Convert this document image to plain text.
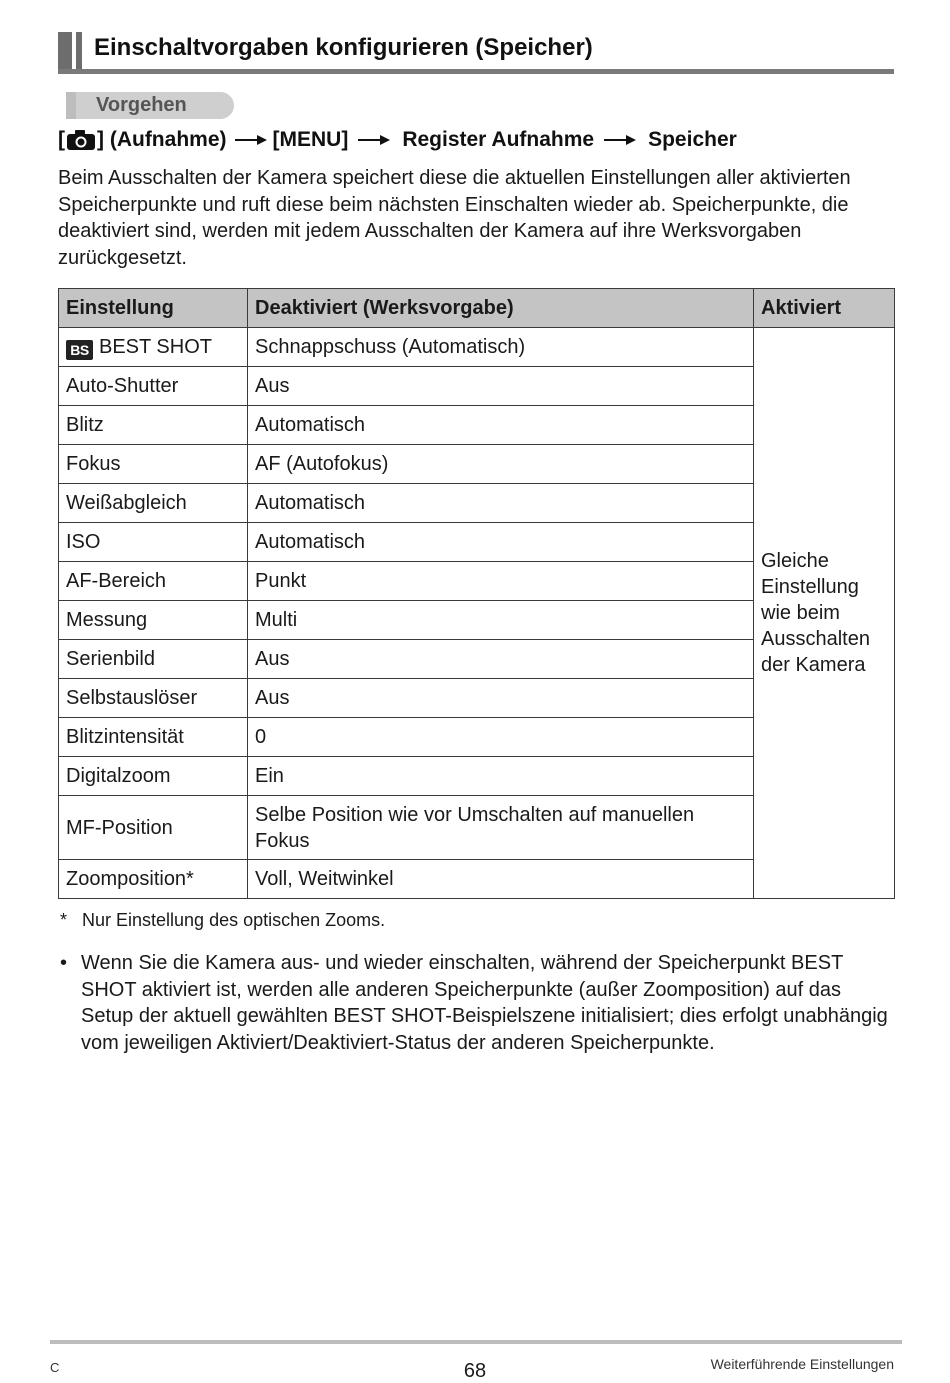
Einschaltvorgaben konfigurieren (Speicher)
Vorgehen
[ ] (Aufnahme) [MENU]	Register Aufnahme	Speicher
Beim Ausschalten der Kamera speichert diese die aktuellen Einstellungen aller aktivierten Speicherpunkte und ruft diese beim nächsten Einschalten wieder ab. Speicherpunkte, die deaktiviert sind, werden mit jedem Ausschalten der Kamera auf ihre Werksvorgaben zurückgesetzt.
Einstellung	Deaktiviert (Werksvorgabe)	Aktiviert
BS BEST SHOT	Schnappschuss (Automatisch)	Gleiche Einstellung wie beim Ausschalten der Kamera
Auto-Shutter	Aus	
Blitz	Automatisch	
Fokus	AF (Autofokus)	
Weißabgleich	Automatisch	
ISO	Automatisch	
AF-Bereich	Punkt	
Messung	Multi	
Serienbild	Aus	
Selbstauslöser	Aus	
Blitzintensität	0	
Digitalzoom	Ein	
MF-Position	Selbe Position wie vor Umschalten auf manuellen Fokus	
Zoomposition*	Voll, Weitwinkel	
* Nur Einstellung des optischen Zooms.
• Wenn Sie die Kamera aus- und wieder einschalten, während der Speicherpunkt BEST SHOT aktiviert ist, werden alle anderen Speicherpunkte (außer Zoomposition) auf das Setup der aktuell gewählten BEST SHOT-Beispielszene initialisiert; dies erfolgt unabhängig vom jeweiligen Aktiviert/Deaktiviert-Status der anderen Speicherpunkte.
C	68	Weiterführende Einstellungen
